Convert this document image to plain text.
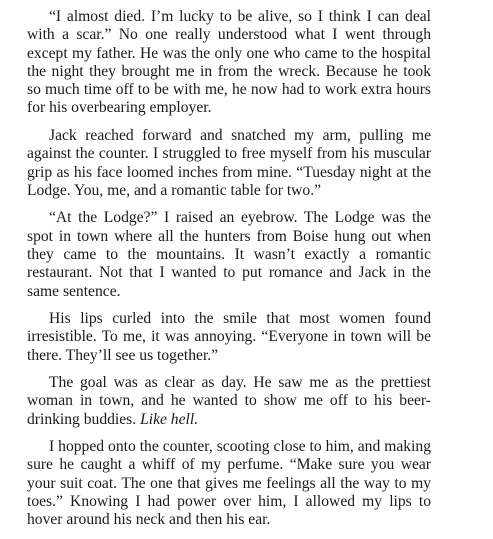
“I almost died. I’m lucky to be alive, so I think I can deal with a scar.” No one really understood what I went through except my father. He was the only one who came to the hospital the night they brought me in from the wreck. Because he took so much time off to be with me, he now had to work extra hours for his overbearing employer.

Jack reached forward and snatched my arm, pulling me against the counter. I struggled to free myself from his muscular grip as his face loomed inches from mine. “Tuesday night at the Lodge. You, me, and a romantic table for two.”

“At the Lodge?” I raised an eyebrow. The Lodge was the spot in town where all the hunters from Boise hung out when they came to the mountains. It wasn’t exactly a romantic restaurant. Not that I wanted to put romance and Jack in the same sentence.

His lips curled into the smile that most women found irresistible. To me, it was annoying. “Everyone in town will be there. They’ll see us together.”

The goal was as clear as day. He saw me as the prettiest woman in town, and he wanted to show me off to his beer-drinking buddies. Like hell.

I hopped onto the counter, scooting close to him, and making sure he caught a whiff of my perfume. “Make sure you wear your suit coat. The one that gives me feelings all the way to my toes.” Knowing I had power over him, I allowed my lips to hover around his neck and then his ear.
